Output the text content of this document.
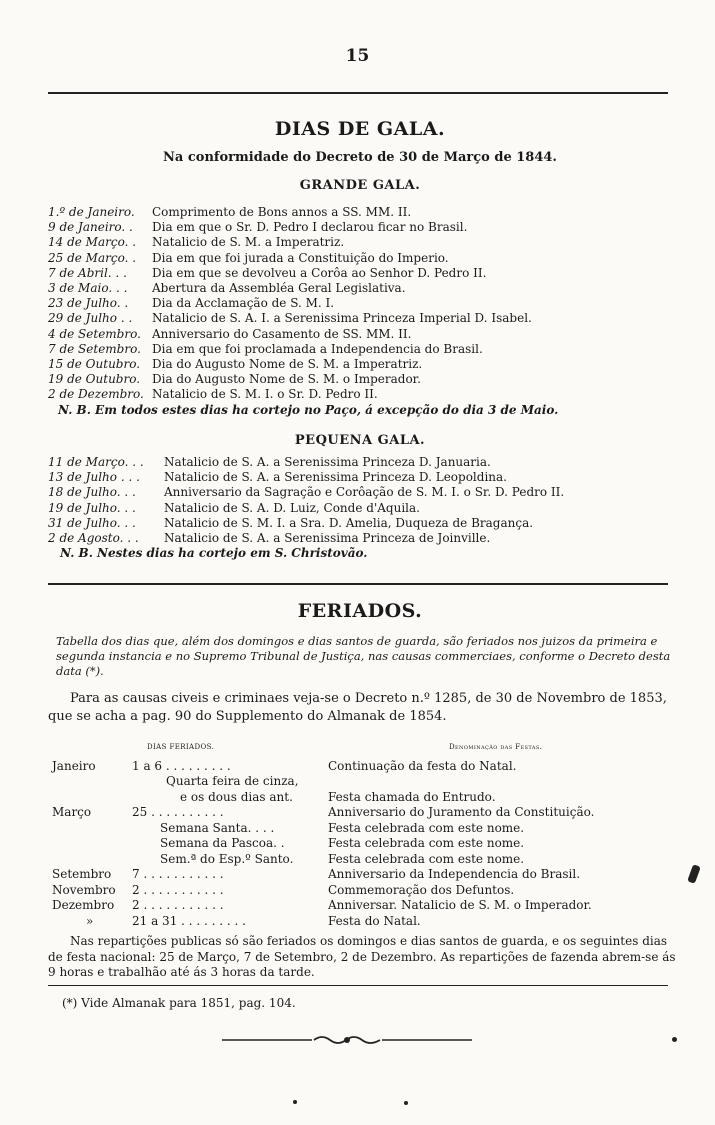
15
DIAS DE GALA.
Na conformidade do Decreto de 30 de Março de 1844.
GRANDE GALA.
1.º de Janeiro.	Comprimento de Bons annos a SS. MM. II.
9 de Janeiro. .	Dia em que o Sr. D. Pedro I declarou ficar no Brasil.
14 de Março. .	Natalicio de S. M. a Imperatriz.
25 de Março. .	Dia em que foi jurada a Constituição do Imperio.
7 de Abril. . .	Dia em que se devolveu a Corôa ao Senhor D. Pedro II.
3 de Maio. . .	Abertura da Assembléa Geral Legislativa.
23 de Julho. .	Dia da Acclamação de S. M. I.
29 de Julho . .	Natalicio de S. A. I. a Serenissima Princeza Imperial D. Isabel.
4 de Setembro. Anniversario do Casamento de SS. MM. II.
7 de Setembro. Dia em que foi proclamada a Independencia do Brasil.
15 de Outubro. Dia do Augusto Nome de S. M. a Imperatriz.
19 de Outubro. Dia do Augusto Nome de S. M. o Imperador.
2 de Dezembro. Natalicio de S. M. I. o Sr. D. Pedro II.
N. B. Em todos estes dias ha cortejo no Paço, á excepção do dia 3 de Maio.
PEQUENA GALA.
11 de Março. . .	Natalicio de S. A. a Serenissima Princeza D. Januaria.
13 de Julho . . .	Natalicio de S. A. a Serenissima Princeza D. Leopoldina.
18 de Julho. . .	Anniversario da Sagração e Corôação de S. M. I. o Sr. D. Pedro II.
19 de Julho. . .	Natalicio de S. A. D. Luiz, Conde d'Aquila.
31 de Julho. . .	Natalicio de S. M. I. a Sra. D. Amelia, Duqueza de Bragança.
2 de Agosto. . .	Natalicio de S. A. a Serenissima Princeza de Joinville.
N. B. Nestes dias ha cortejo em S. Christovão.
FERIADOS.
Tabella dos dias que, além dos domingos e dias santos de guarda, são feriados nos juizos da primeira e segunda instancia e no Supremo Tribunal de Justiça, nas causas commerciaes, conforme o Decreto desta data (*).
Para as causas civeis e criminaes veja-se o Decreto n.º 1285, de 30 de Novembro de 1853, que se acha a pag. 90 do Supplemento do Almanak de 1854.
DIAS FERIADOS.	Denominação das Festas.
Janeiro	1 a 6 . . . . . . . . .	Continuação da festa do Natal.
Quarta feira de cinza,
e os dous dias ant.	Festa chamada do Entrudo.
Março	25 . . . . . . . . . .	Anniversario do Juramento da Constituição.
Semana Santa. . . .	Festa celebrada com este nome.
Semana da Pascoa. .	Festa celebrada com este nome.
Sem.ª do Esp.º Santo.	Festa celebrada com este nome.
Setembro	7 . . . . . . . . . . .	Anniversario da Independencia do Brasil.
Novembro	2 . . . . . . . . . . .	Commemoração dos Defuntos.
Dezembro	2 . . . . . . . . . . .	Anniversar. Natalicio de S. M. o Imperador.
»	21 a 31 . . . . . . . . .	Festa do Natal.
Nas repartições publicas só são feriados os domingos e dias santos de guarda, e os seguintes dias de festa nacional: 25 de Março, 7 de Setembro, 2 de Dezembro. As repartições de fazenda abrem-se ás 9 horas e trabalhão até ás 3 horas da tarde.
(*) Vide Almanak para 1851, pag. 104.
